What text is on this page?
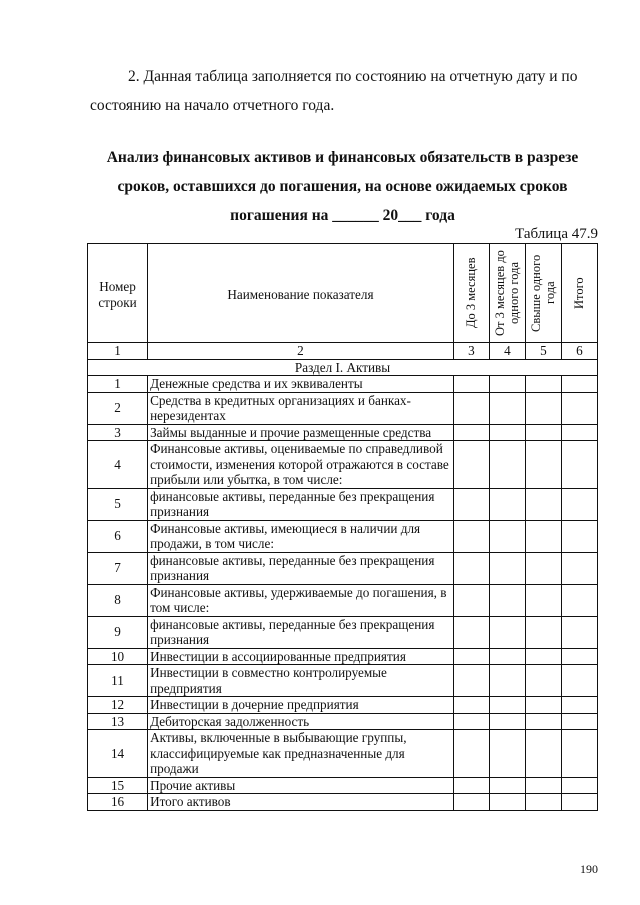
2. Данная таблица заполняется по состоянию на отчетную дату и по
состоянию на начало отчетного года.
Анализ финансовых активов и финансовых обязательств в разрезе
сроков, оставшихся до погашения, на основе ожидаемых сроков
погашения на ______ 20___ года
Таблица 47.9
Номер строки	Наименование показателя	До 3 месяцев	От 3 месяцев до одного года	Свыше одного года	Итого

1	2	3	4	5	6
Раздел I. Активы					
1	Денежные средства и их эквиваленты				
2	Средства в кредитных организациях и банках-нерезидентах				
3	Займы выданные и прочие размещенные средства				
4	Финансовые активы, оцениваемые по справедливой стоимости, изменения которой отражаются в составе прибыли или убытка, в том числе:				
5	финансовые активы, переданные без прекращения признания				
6	Финансовые активы, имеющиеся в наличии для продажи, в том числе:				
7	финансовые активы, переданные без прекращения признания				
8	Финансовые активы, удерживаемые до погашения, в том числе:				
9	финансовые активы, переданные без прекращения признания				
10	Инвестиции в ассоциированные предприятия				
11	Инвестиции в совместно контролируемые предприятия				
12	Инвестиции в дочерние предприятия				
13	Дебиторская задолженность				
14	Активы, включенные в выбывающие группы, классифицируемые как предназначенные для продажи				
15	Прочие активы				
16	Итого активов				
190
